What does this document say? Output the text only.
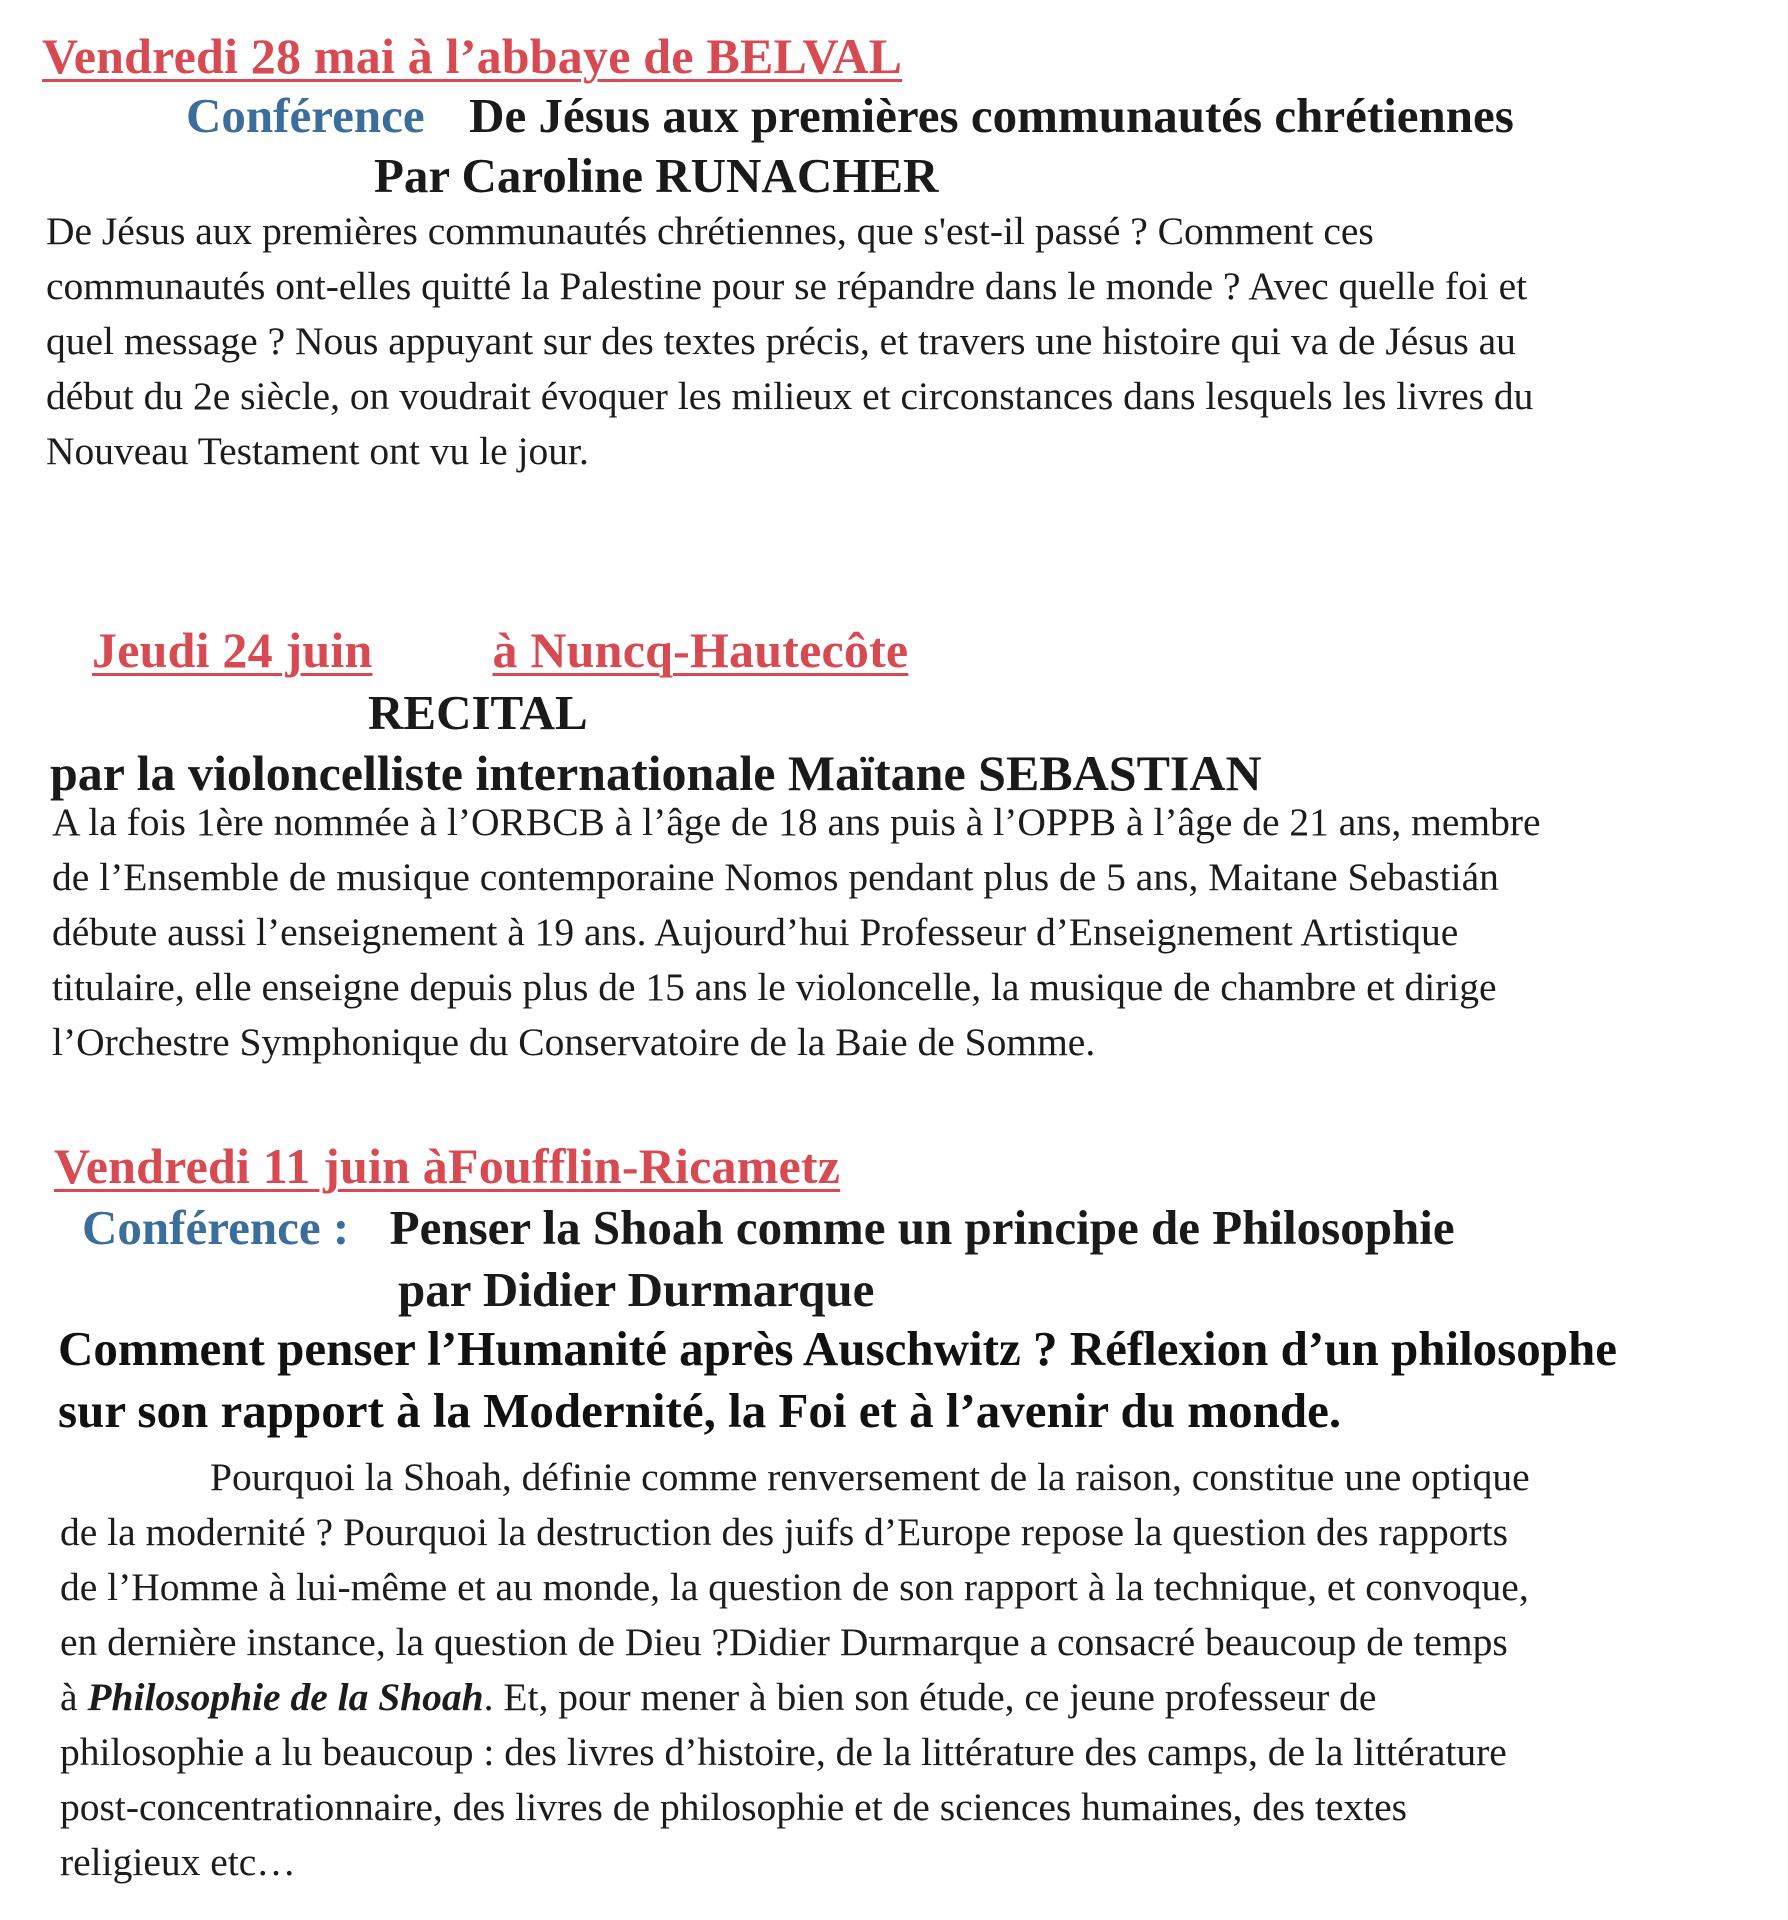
Vendredi 28 mai à l’abbaye de BELVAL
Conférence De Jésus aux premières communautés chrétiennes
Par Caroline RUNACHER
De Jésus aux premières communautés chrétiennes, que s'est-il passé ? Comment ces
communautés ont-elles quitté la Palestine pour se répandre dans le monde ? Avec quelle foi et
quel message ? Nous appuyant sur des textes précis, et travers une histoire qui va de Jésus au
début du 2e siècle, on voudrait évoquer les milieux et circonstances dans lesquels les livres du
Nouveau Testament ont vu le jour.
Jeudi 24 juin à Nuncq-Hautecôte
RECITAL
par la violoncelliste internationale Maïtane SEBASTIAN
A la fois 1ère nommée à l’ORBCB à l’âge de 18 ans puis à l’OPPB à l’âge de 21 ans, membre
de l’Ensemble de musique contemporaine Nomos pendant plus de 5 ans, Maitane Sebastián
débute aussi l’enseignement à 19 ans. Aujourd’hui Professeur d’Enseignement Artistique
titulaire, elle enseigne depuis plus de 15 ans le violoncelle, la musique de chambre et dirige
l’Orchestre Symphonique du Conservatoire de la Baie de Somme.
Vendredi 11 juin àFoufflin-Ricametz
Conférence : Penser la Shoah comme un principe de Philosophie
par Didier Durmarque
Comment penser l’Humanité après Auschwitz ? Réflexion d’un philosophe
sur son rapport à la Modernité, la Foi et à l’avenir du monde.
Pourquoi la Shoah, définie comme renversement de la raison, constitue une optique
de la modernité ? Pourquoi la destruction des juifs d’Europe repose la question des rapports
de l’Homme à lui-même et au monde, la question de son rapport à la technique, et convoque,
en dernière instance, la question de Dieu ?Didier Durmarque a consacré beaucoup de temps
à Philosophie de la Shoah. Et, pour mener à bien son étude, ce jeune professeur de
philosophie a lu beaucoup : des livres d’histoire, de la littérature des camps, de la littérature
post-concentrationnaire, des livres de philosophie et de sciences humaines, des textes
religieux etc…
